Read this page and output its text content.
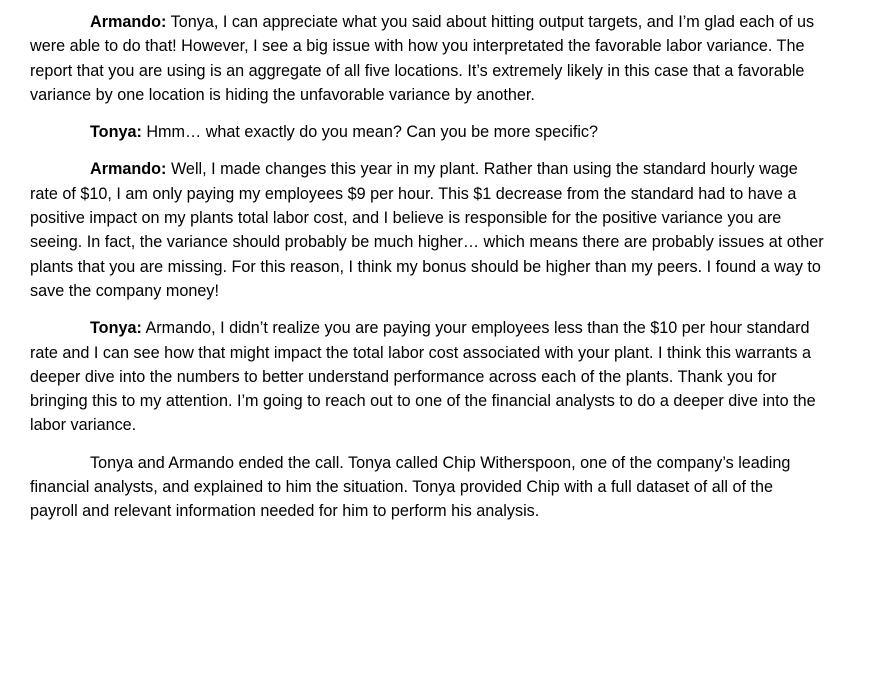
Armando: Tonya, I can appreciate what you said about hitting output targets, and I’m glad each of us were able to do that! However, I see a big issue with how you interpretated the favorable labor variance. The report that you are using is an aggregate of all five locations. It’s extremely likely in this case that a favorable variance by one location is hiding the unfavorable variance by another.

Tonya: Hmm… what exactly do you mean? Can you be more specific?

Armando: Well, I made changes this year in my plant. Rather than using the standard hourly wage rate of $10, I am only paying my employees $9 per hour. This $1 decrease from the standard had to have a positive impact on my plants total labor cost, and I believe is responsible for the positive variance you are seeing. In fact, the variance should probably be much higher… which means there are probably issues at other plants that you are missing. For this reason, I think my bonus should be higher than my peers. I found a way to save the company money!

Tonya: Armando, I didn’t realize you are paying your employees less than the $10 per hour standard rate and I can see how that might impact the total labor cost associated with your plant. I think this warrants a deeper dive into the numbers to better understand performance across each of the plants. Thank you for bringing this to my attention. I’m going to reach out to one of the financial analysts to do a deeper dive into the labor variance.

Tonya and Armando ended the call. Tonya called Chip Witherspoon, one of the company’s leading financial analysts, and explained to him the situation. Tonya provided Chip with a full dataset of all of the payroll and relevant information needed for him to perform his analysis.
